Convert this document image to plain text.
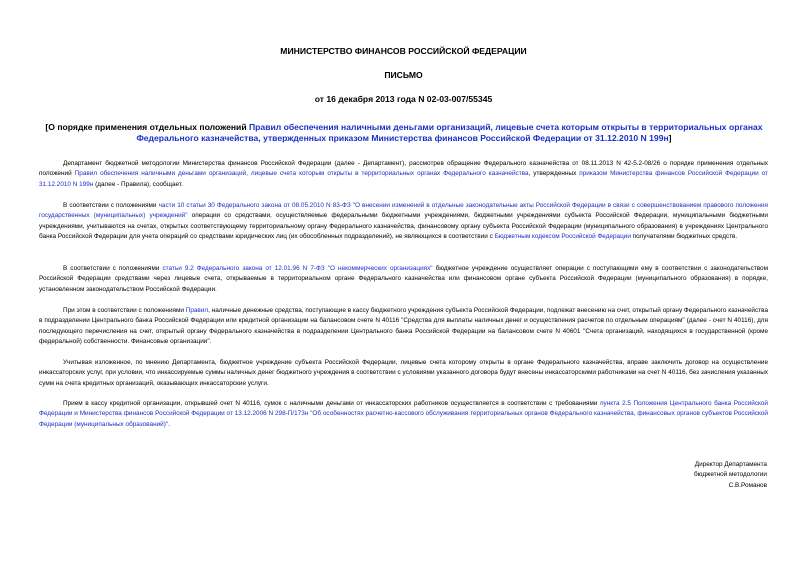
МИНИСТЕРСТВО ФИНАНСОВ РОССИЙСКОЙ ФЕДЕРАЦИИ
ПИСЬМО
от 16 декабря 2013 года N 02-03-007/55345
[О порядке применения отдельных положений Правил обеспечения наличными деньгами организаций, лицевые счета которым открыты в территориальных органах Федерального казначейства, утвержденных приказом Министерства финансов Российской Федерации от 31.12.2010 N 199н]
Департамент бюджетной методологии Министерства финансов Российской Федерации (далее - Департамент), рассмотрев обращение Федерального казначейства от 08.11.2013 N 42-5.2-08/26 о порядке применения отдельных положений Правил обеспечения наличными деньгами организаций, лицевые счета которым открыты в территориальных органах Федерального казначейства, утвержденных приказом Министерства финансов Российской Федерации от 31.12.2010 N 199н (далее - Правила), сообщает.
В соответствии с положениями части 10 статьи 30 Федерального закона от 08.05.2010 N 83-ФЗ "О внесении изменений в отдельные законодательные акты Российской Федерации в связи с совершенствованием правового положения государственных (муниципальных) учреждений" операции со средствами, осуществляемые федеральными бюджетными учреждениями, бюджетными учреждениями субъекта Российской Федерации, муниципальными бюджетными учреждениями, учитываются на счетах, открытых соответствующему территориальному органу Федерального казначейства, финансовому органу субъекта Российской Федерации (муниципального образования) в учреждениях Центрального банка Российской Федерации для учета операций со средствами юридических лиц (их обособленных подразделений), не являющихся в соответствии с Бюджетным кодексом Российской Федерации получателями бюджетных средств.
В соответствии с положениями статьи 9.2 Федерального закона от 12.01.96 N 7-ФЗ "О некоммерческих организациях" бюджетное учреждение осуществляет операции с поступающими ему в соответствии с законодательством Российской Федерации средствами через лицевые счета, открываемые в территориальном органе Федерального казначейства или финансовом органе субъекта Российской Федерации (муниципального образования) в порядке, установленном законодательством Российской Федерации.
При этом в соответствии с положениями Правил, наличные денежные средства, поступающие в кассу бюджетного учреждения субъекта Российской Федерации, подлежат внесению на счет, открытый органу Федерального казначейства в подразделении Центрального банка Российской Федерации или кредитной организации на балансовом счете N 40116 "Средства для выплаты наличных денег и осуществления расчетов по отдельным операциям" (далее - счет N 40116), для последующего перечисления на счет, открытый органу Федерального казначейства в подразделении Центрального банка Российской Федерации на балансовом счете N 40601 "Счета организаций, находящихся в государственной (кроме федеральной) собственности. Финансовые организации".
Учитывая изложенное, по мнению Департамента, бюджетное учреждение субъекта Российской Федерации, лицевые счета которому открыты в органе Федерального казначейства, вправе заключить договор на осуществление инкассаторских услуг, при условии, что инкассируемые суммы наличных денег бюджетного учреждения в соответствии с условиями указанного договора будут внесены инкассаторскими работниками на счет N 40116, без зачисления указанных сумм на счета кредитных организаций, оказывающих инкассаторские услуги.
Прием в кассу кредитной организации, открывшей счет N 40116, сумок с наличными деньгами от инкассаторских работников осуществляется в соответствии с требованиями пункта 2.5 Положения Центрального банка Российской Федерации и Министерства финансов Российской Федерации от 13.12.2006 N 298-П/173н "Об особенностях расчетно-кассового обслуживания территориальных органов Федерального казначейства, финансовых органов субъектов Российской Федерации (муниципальных образований)".
Директор Департамента
бюджетной методологии
С.В.Романов
